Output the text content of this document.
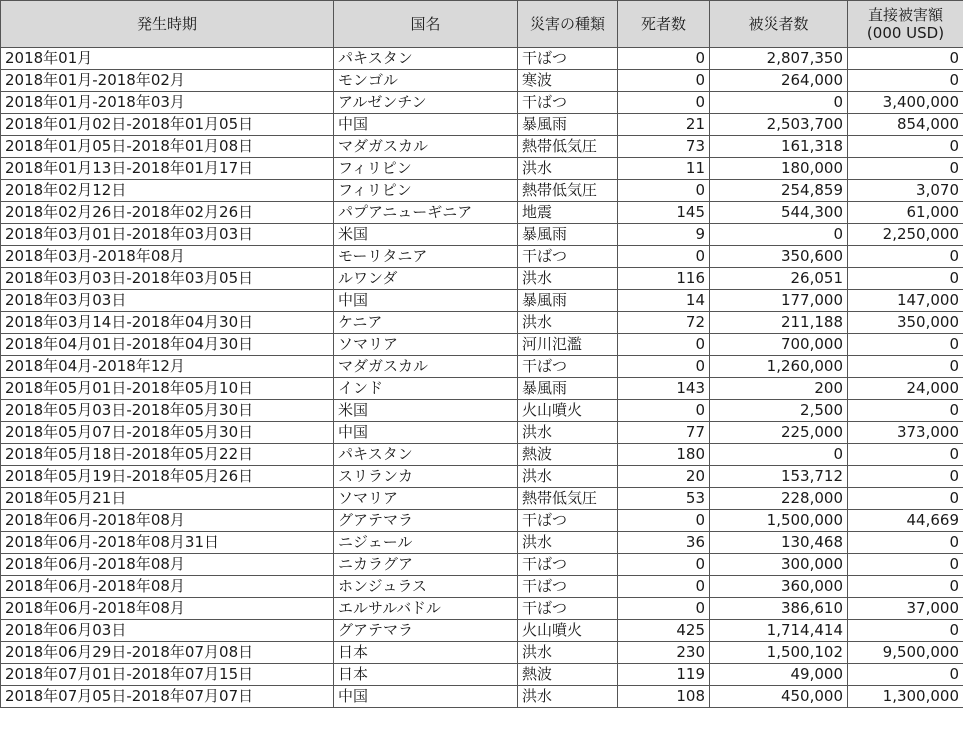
発生時期	国名	災害の種類	死者数	被災者数	直接被害額
(000 USD)

2018年01月	パキスタン	干ばつ	0	2,807,350	0
2018年01月-2018年02月	モンゴル	寒波	0	264,000	0
2018年01月-2018年03月	アルゼンチン	干ばつ	0	0	3,400,000
2018年01月02日-2018年01月05日	中国	暴風雨	21	2,503,700	854,000
2018年01月05日-2018年01月08日	マダガスカル	熱帯低気圧	73	161,318	0
2018年01月13日-2018年01月17日	フィリピン	洪水	11	180,000	0
2018年02月12日	フィリピン	熱帯低気圧	0	254,859	3,070
2018年02月26日-2018年02月26日	パプアニューギニア	地震	145	544,300	61,000
2018年03月01日-2018年03月03日	米国	暴風雨	9	0	2,250,000
2018年03月-2018年08月	モーリタニア	干ばつ	0	350,600	0
2018年03月03日-2018年03月05日	ルワンダ	洪水	116	26,051	0
2018年03月03日	中国	暴風雨	14	177,000	147,000
2018年03月14日-2018年04月30日	ケニア	洪水	72	211,188	350,000
2018年04月01日-2018年04月30日	ソマリア	河川氾濫	0	700,000	0
2018年04月-2018年12月	マダガスカル	干ばつ	0	1,260,000	0
2018年05月01日-2018年05月10日	インド	暴風雨	143	200	24,000
2018年05月03日-2018年05月30日	米国	火山噴火	0	2,500	0
2018年05月07日-2018年05月30日	中国	洪水	77	225,000	373,000
2018年05月18日-2018年05月22日	パキスタン	熱波	180	0	0
2018年05月19日-2018年05月26日	スリランカ	洪水	20	153,712	0
2018年05月21日	ソマリア	熱帯低気圧	53	228,000	0
2018年06月-2018年08月	グアテマラ	干ばつ	0	1,500,000	44,669
2018年06月-2018年08月31日	ニジェール	洪水	36	130,468	0
2018年06月-2018年08月	ニカラグア	干ばつ	0	300,000	0
2018年06月-2018年08月	ホンジュラス	干ばつ	0	360,000	0
2018年06月-2018年08月	エルサルバドル	干ばつ	0	386,610	37,000
2018年06月03日	グアテマラ	火山噴火	425	1,714,414	0
2018年06月29日-2018年07月08日	日本	洪水	230	1,500,102	9,500,000
2018年07月01日-2018年07月15日	日本	熱波	119	49,000	0
2018年07月05日-2018年07月07日	中国	洪水	108	450,000	1,300,000
